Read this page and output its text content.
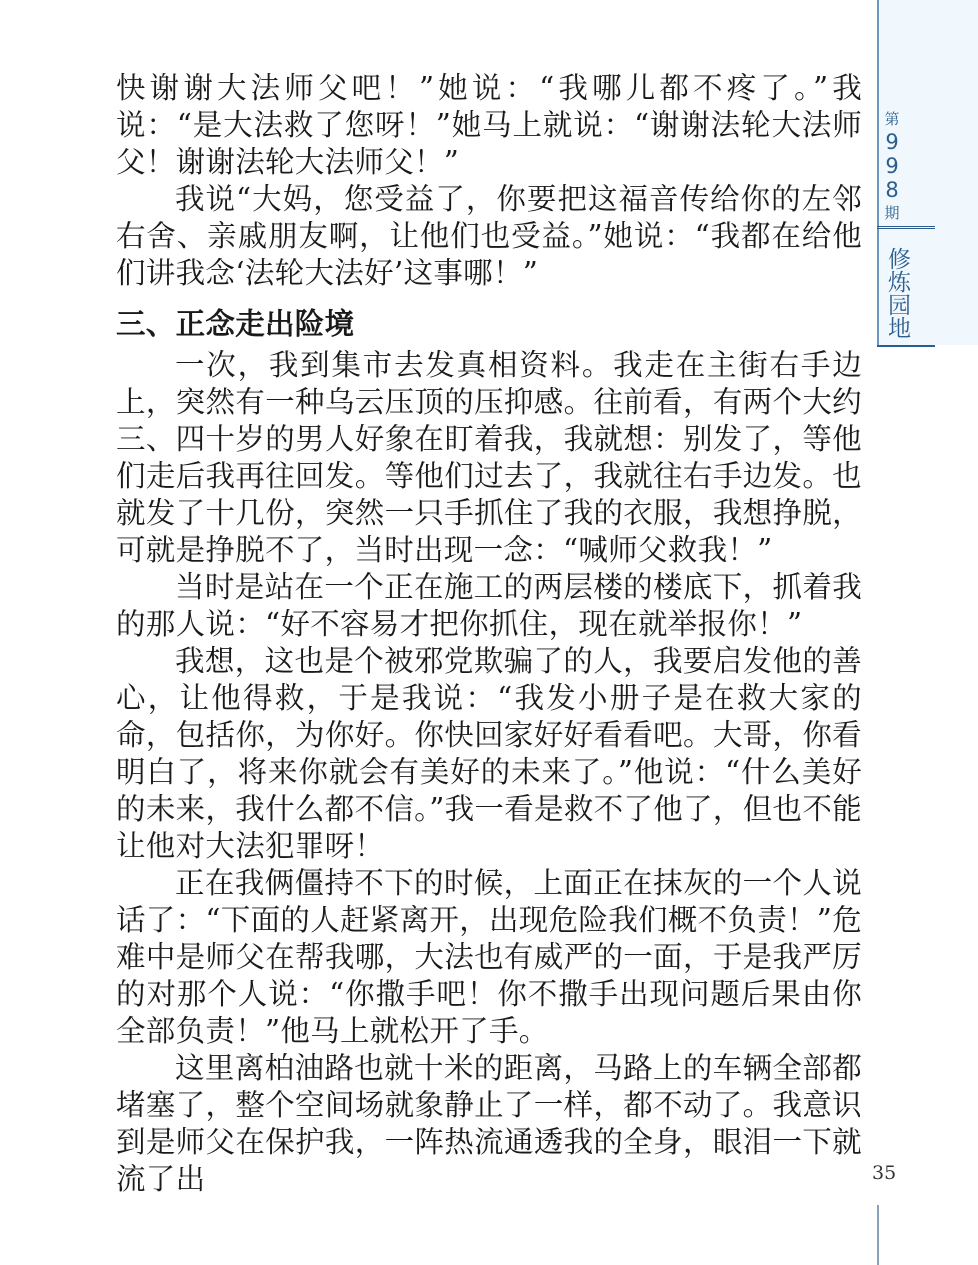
第
9
9
8
期
修炼园地

快谢谢大法师父吧！”她说：“我哪儿都不疼了。”我说：“是大法救了您呀！”她马上就说：“谢谢法轮大法师父！谢谢法轮大法师父！”

我说“大妈，您受益了，你要把这福音传给你的左邻右舍、亲戚朋友啊，让他们也受益。”她说：“我都在给他们讲我念‘法轮大法好’这事哪！”

三、正念走出险境

一次，我到集市去发真相资料。我走在主街右手边上，突然有一种乌云压顶的压抑感。往前看，有两个大约三、四十岁的男人好象在盯着我，我就想：别发了，等他们走后我再往回发。等他们过去了，我就往右手边发。也就发了十几份，突然一只手抓住了我的衣服，我想挣脱，可就是挣脱不了，当时出现一念：“喊师父救我！”

当时是站在一个正在施工的两层楼的楼底下，抓着我的那人说：“好不容易才把你抓住，现在就举报你！”

我想，这也是个被邪党欺骗了的人，我要启发他的善心，让他得救，于是我说：“我发小册子是在救大家的命，包括你，为你好。你快回家好好看看吧。大哥，你看明白了，将来你就会有美好的未来了。”他说：“什么美好的未来，我什么都不信。”我一看是救不了他了，但也不能让他对大法犯罪呀！

正在我俩僵持不下的时候，上面正在抹灰的一个人说话了：“下面的人赶紧离开，出现危险我们概不负责！”危难中是师父在帮我哪，大法也有威严的一面，于是我严厉的对那个人说：“你撒手吧！你不撒手出现问题后果由你全部负责！”他马上就松开了手。

这里离柏油路也就十米的距离，马路上的车辆全部都堵塞了，整个空间场就象静止了一样，都不动了。我意识到是师父在保护我，一阵热流通透我的全身，眼泪一下就流了出	35
